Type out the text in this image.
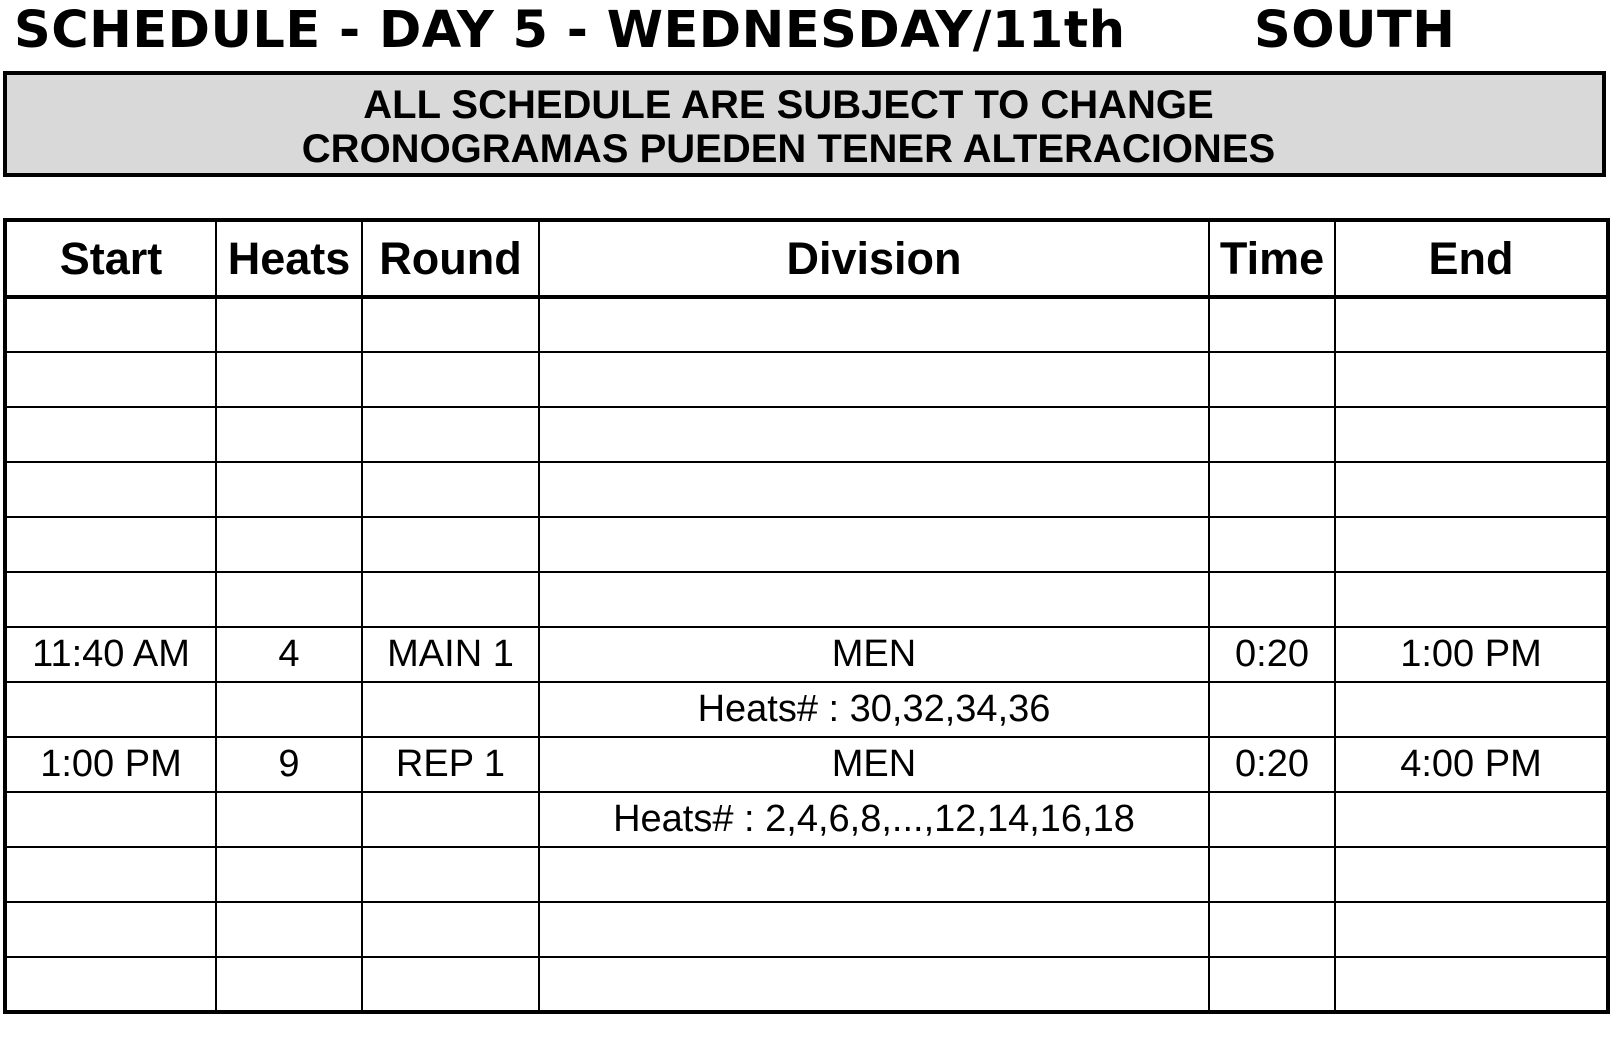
SCHEDULE - DAY 5 - WEDNESDAY/11th	SOUTH
ALL SCHEDULE ARE SUBJECT TO CHANGE
CRONOGRAMAS PUEDEN TENER ALTERACIONES
Start	Heats	Round	Division	Time	End

11:40 AM	4	MAIN 1	MEN	0:20	1:00 PM
			Heats# : 30,32,34,36		
1:00 PM	9	REP 1	MEN	0:20	4:00 PM
			Heats# : 2,4,6,8,...,12,14,16,18		
